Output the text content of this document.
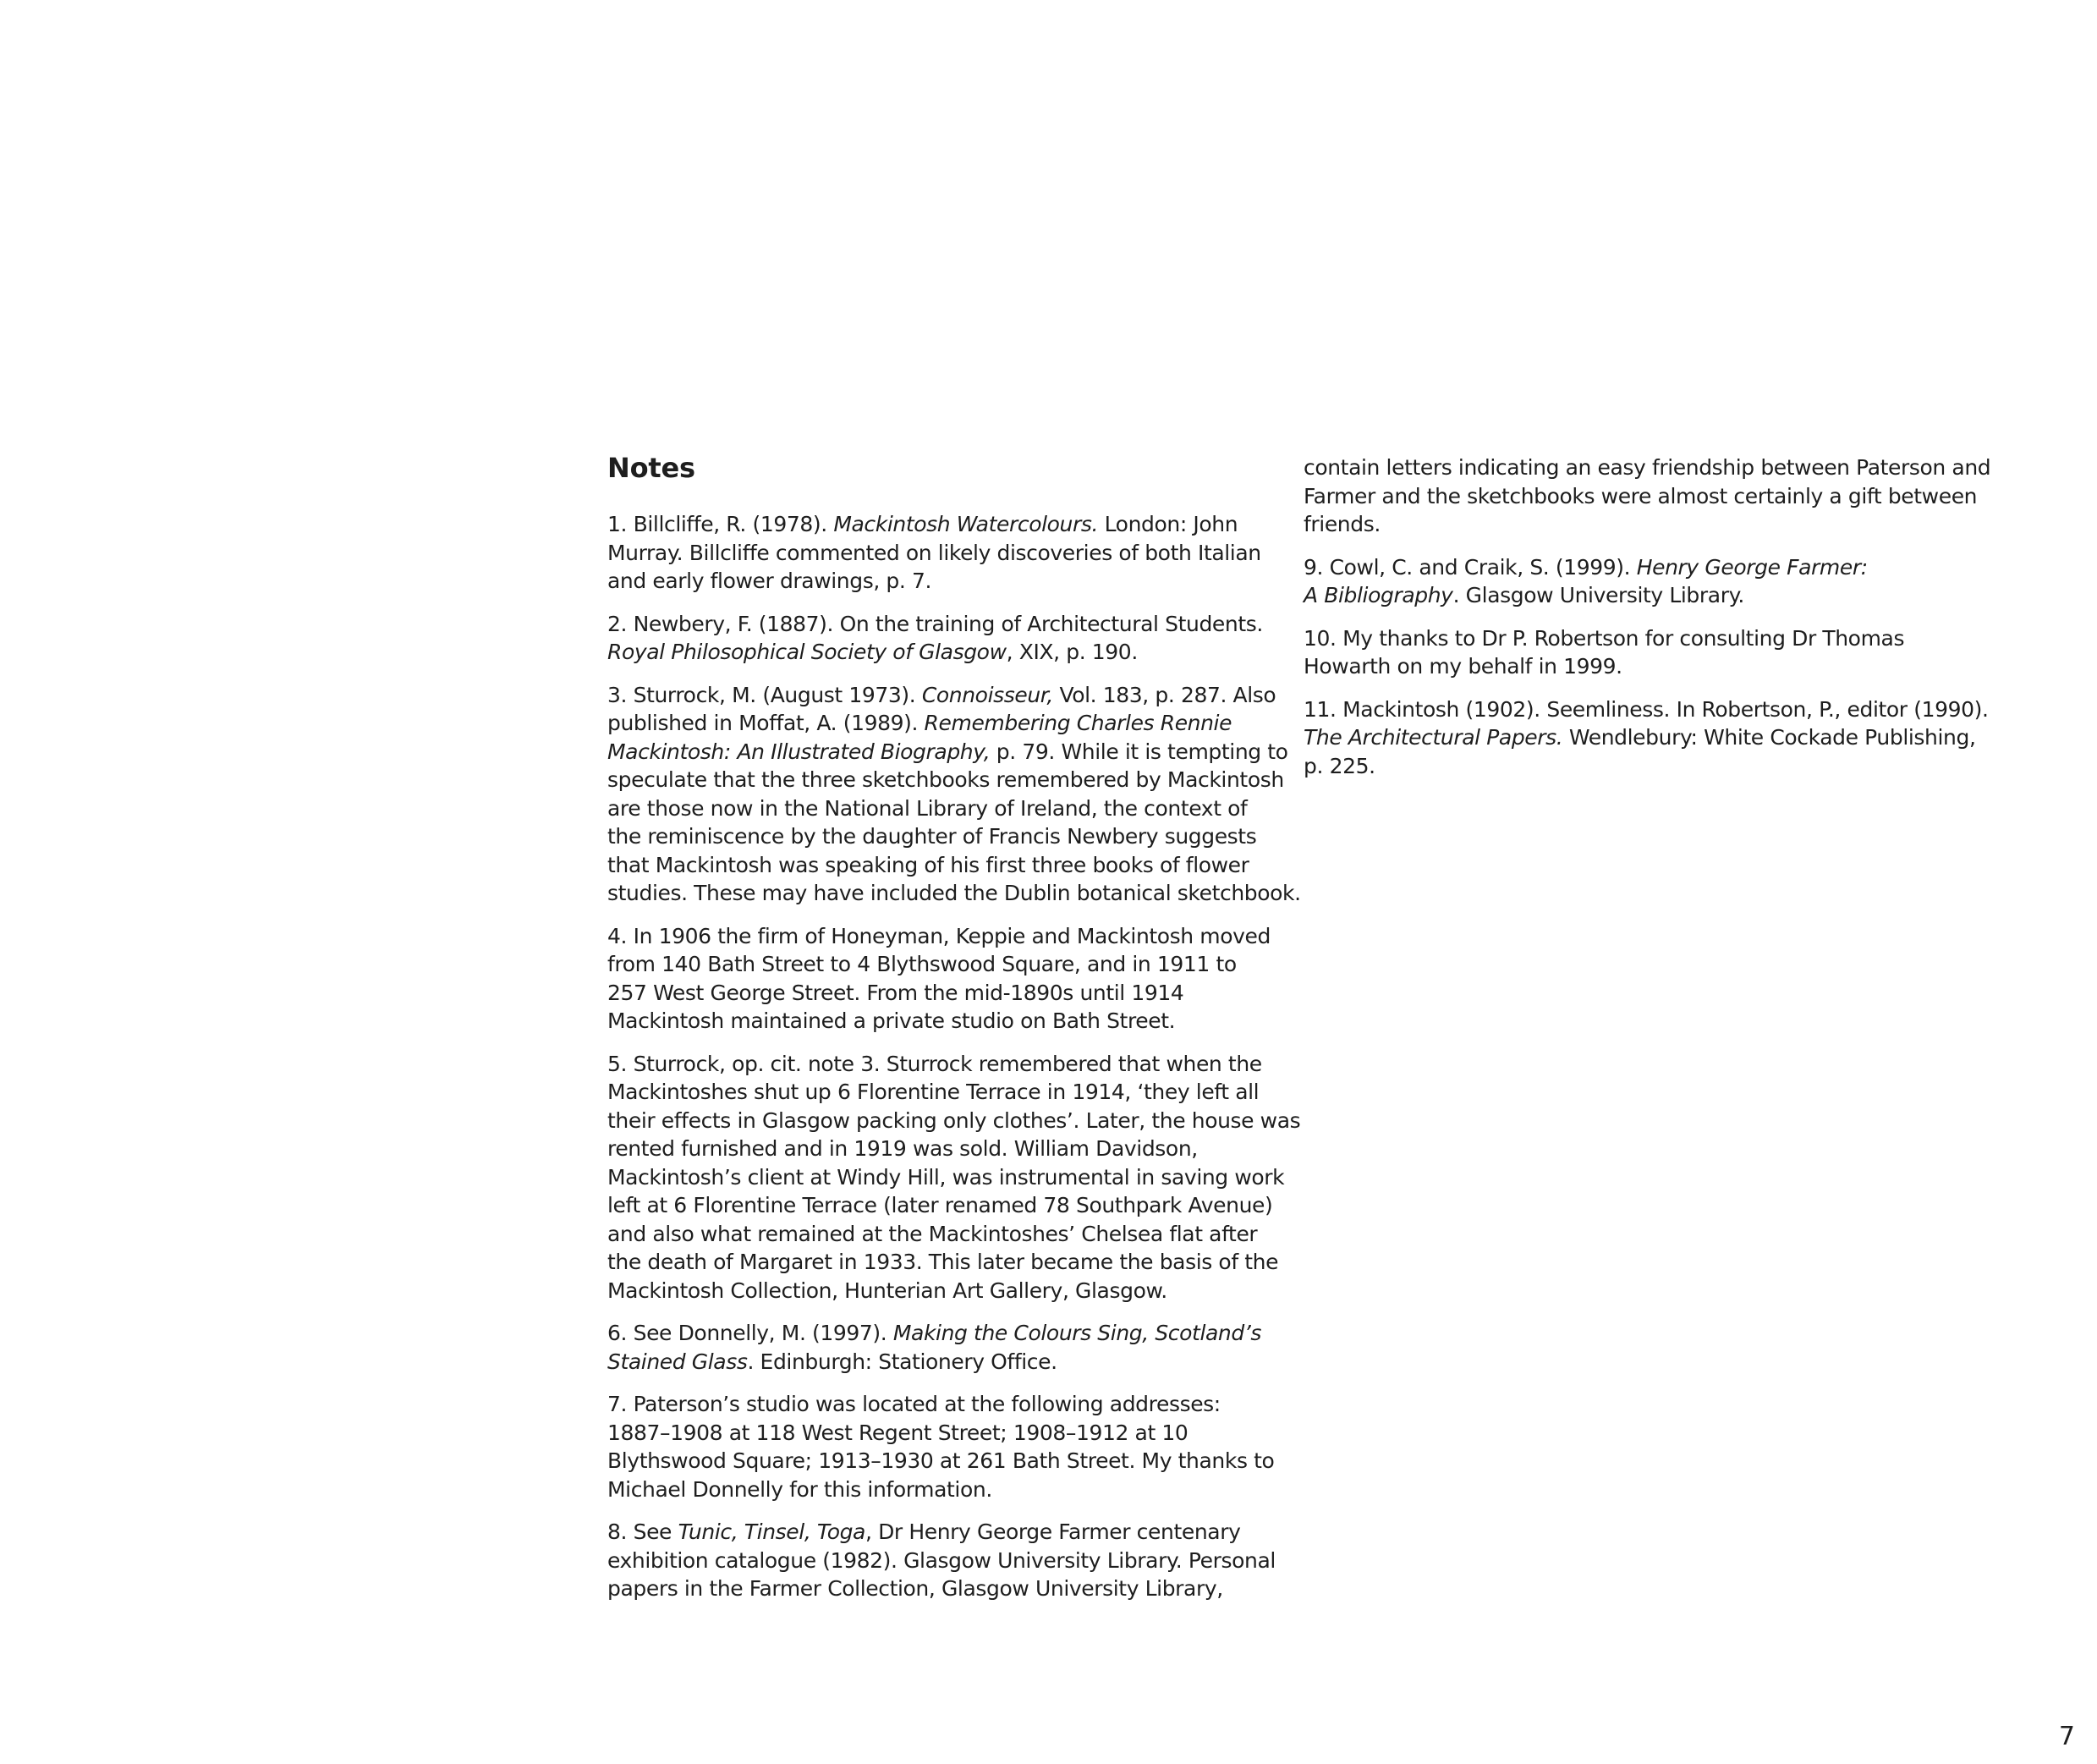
Notes
1. Billcliffe, R. (1978). Mackintosh Watercolours. London: John
Murray. Billcliffe commented on likely discoveries of both Italian
and early flower drawings, p. 7.
2. Newbery, F. (1887). On the training of Architectural Students.
Royal Philosophical Society of Glasgow, XIX, p. 190.
3. Sturrock, M. (August 1973). Connoisseur, Vol. 183, p. 287. Also
published in Moffat, A. (1989). Remembering Charles Rennie
Mackintosh: An Illustrated Biography, p. 79. While it is tempting to
speculate that the three sketchbooks remembered by Mackintosh
are those now in the National Library of Ireland, the context of
the reminiscence by the daughter of Francis Newbery suggests
that Mackintosh was speaking of his first three books of flower
studies. These may have included the Dublin botanical sketchbook.
4. In 1906 the firm of Honeyman, Keppie and Mackintosh moved
from 140 Bath Street to 4 Blythswood Square, and in 1911 to
257 West George Street. From the mid-1890s until 1914
Mackintosh maintained a private studio on Bath Street.
5. Sturrock, op. cit. note 3. Sturrock remembered that when the
Mackintoshes shut up 6 Florentine Terrace in 1914, ‘they left all
their effects in Glasgow packing only clothes’. Later, the house was
rented furnished and in 1919 was sold. William Davidson,
Mackintosh’s client at Windy Hill, was instrumental in saving work
left at 6 Florentine Terrace (later renamed 78 Southpark Avenue)
and also what remained at the Mackintoshes’ Chelsea flat after
the death of Margaret in 1933. This later became the basis of the
Mackintosh Collection, Hunterian Art Gallery, Glasgow.
6. See Donnelly, M. (1997). Making the Colours Sing, Scotland’s
Stained Glass. Edinburgh: Stationery Office.
7. Paterson’s studio was located at the following addresses:
1887–1908 at 118 West Regent Street; 1908–1912 at 10
Blythswood Square; 1913–1930 at 261 Bath Street. My thanks to
Michael Donnelly for this information.
8. See Tunic, Tinsel, Toga, Dr Henry George Farmer centenary
exhibition catalogue (1982). Glasgow University Library. Personal
papers in the Farmer Collection, Glasgow University Library,
contain letters indicating an easy friendship between Paterson and
Farmer and the sketchbooks were almost certainly a gift between
friends.
9. Cowl, C. and Craik, S. (1999). Henry George Farmer:
A Bibliography. Glasgow University Library.
10. My thanks to Dr P. Robertson for consulting Dr Thomas
Howarth on my behalf in 1999.
11. Mackintosh (1902). Seemliness. In Robertson, P., editor (1990).
The Architectural Papers. Wendlebury: White Cockade Publishing,
p. 225.
7
